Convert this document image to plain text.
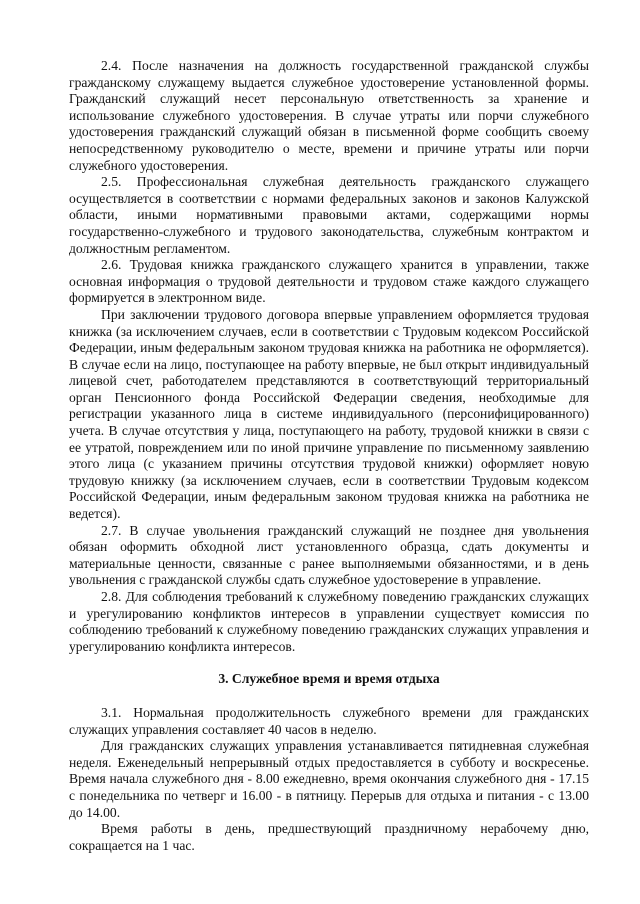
2.4. После назначения на должность государственной гражданской службы гражданскому служащему выдается служебное удостоверение установленной формы. Гражданский служащий несет персональную ответственность за хранение и использование служебного удостоверения. В случае утраты или порчи служебного удостоверения гражданский служащий обязан в письменной форме сообщить своему непосредственному руководителю о месте, времени и причине утраты или порчи служебного удостоверения.

2.5. Профессиональная служебная деятельность гражданского служащего осуществляется в соответствии с нормами федеральных законов и законов Калужской области, иными нормативными правовыми актами, содержащими нормы государственно-служебного и трудового законодательства, служебным контрактом и должностным регламентом.

2.6. Трудовая книжка гражданского служащего хранится в управлении, также основная информация о трудовой деятельности и трудовом стаже каждого служащего формируется в электронном виде.

При заключении трудового договора впервые управлением оформляется трудовая книжка (за исключением случаев, если в соответствии с Трудовым кодексом Российской Федерации, иным федеральным законом трудовая книжка на работника не оформляется). В случае если на лицо, поступающее на работу впервые, не был открыт индивидуальный лицевой счет, работодателем представляются в соответствующий территориальный орган Пенсионного фонда Российской Федерации сведения, необходимые для регистрации указанного лица в системе индивидуального (персонифицированного) учета. В случае отсутствия у лица, поступающего на работу, трудовой книжки в связи с ее утратой, повреждением или по иной причине управление по письменному заявлению этого лица (с указанием причины отсутствия трудовой книжки) оформляет новую трудовую книжку (за исключением случаев, если в соответствии Трудовым кодексом Российской Федерации, иным федеральным законом трудовая книжка на работника не ведется).

2.7. В случае увольнения гражданский служащий не позднее дня увольнения обязан оформить обходной лист установленного образца, сдать документы и материальные ценности, связанные с ранее выполняемыми обязанностями, и в день увольнения с гражданской службы сдать служебное удостоверение в управление.

2.8. Для соблюдения требований к служебному поведению гражданских служащих и урегулированию конфликтов интересов в управлении существует комиссия по соблюдению требований к служебному поведению гражданских служащих управления и урегулированию конфликта интересов.

3. Служебное время и время отдыха

3.1. Нормальная продолжительность служебного времени для гражданских служащих управления составляет 40 часов в неделю.

Для гражданских служащих управления устанавливается пятидневная служебная неделя. Еженедельный непрерывный отдых предоставляется в субботу и воскресенье. Время начала служебного дня - 8.00 ежедневно, время окончания служебного дня - 17.15 с понедельника по четверг и 16.00 - в пятницу. Перерыв для отдыха и питания - с 13.00 до 14.00.

Время работы в день, предшествующий праздничному нерабочему дню, сокращается на 1 час.
